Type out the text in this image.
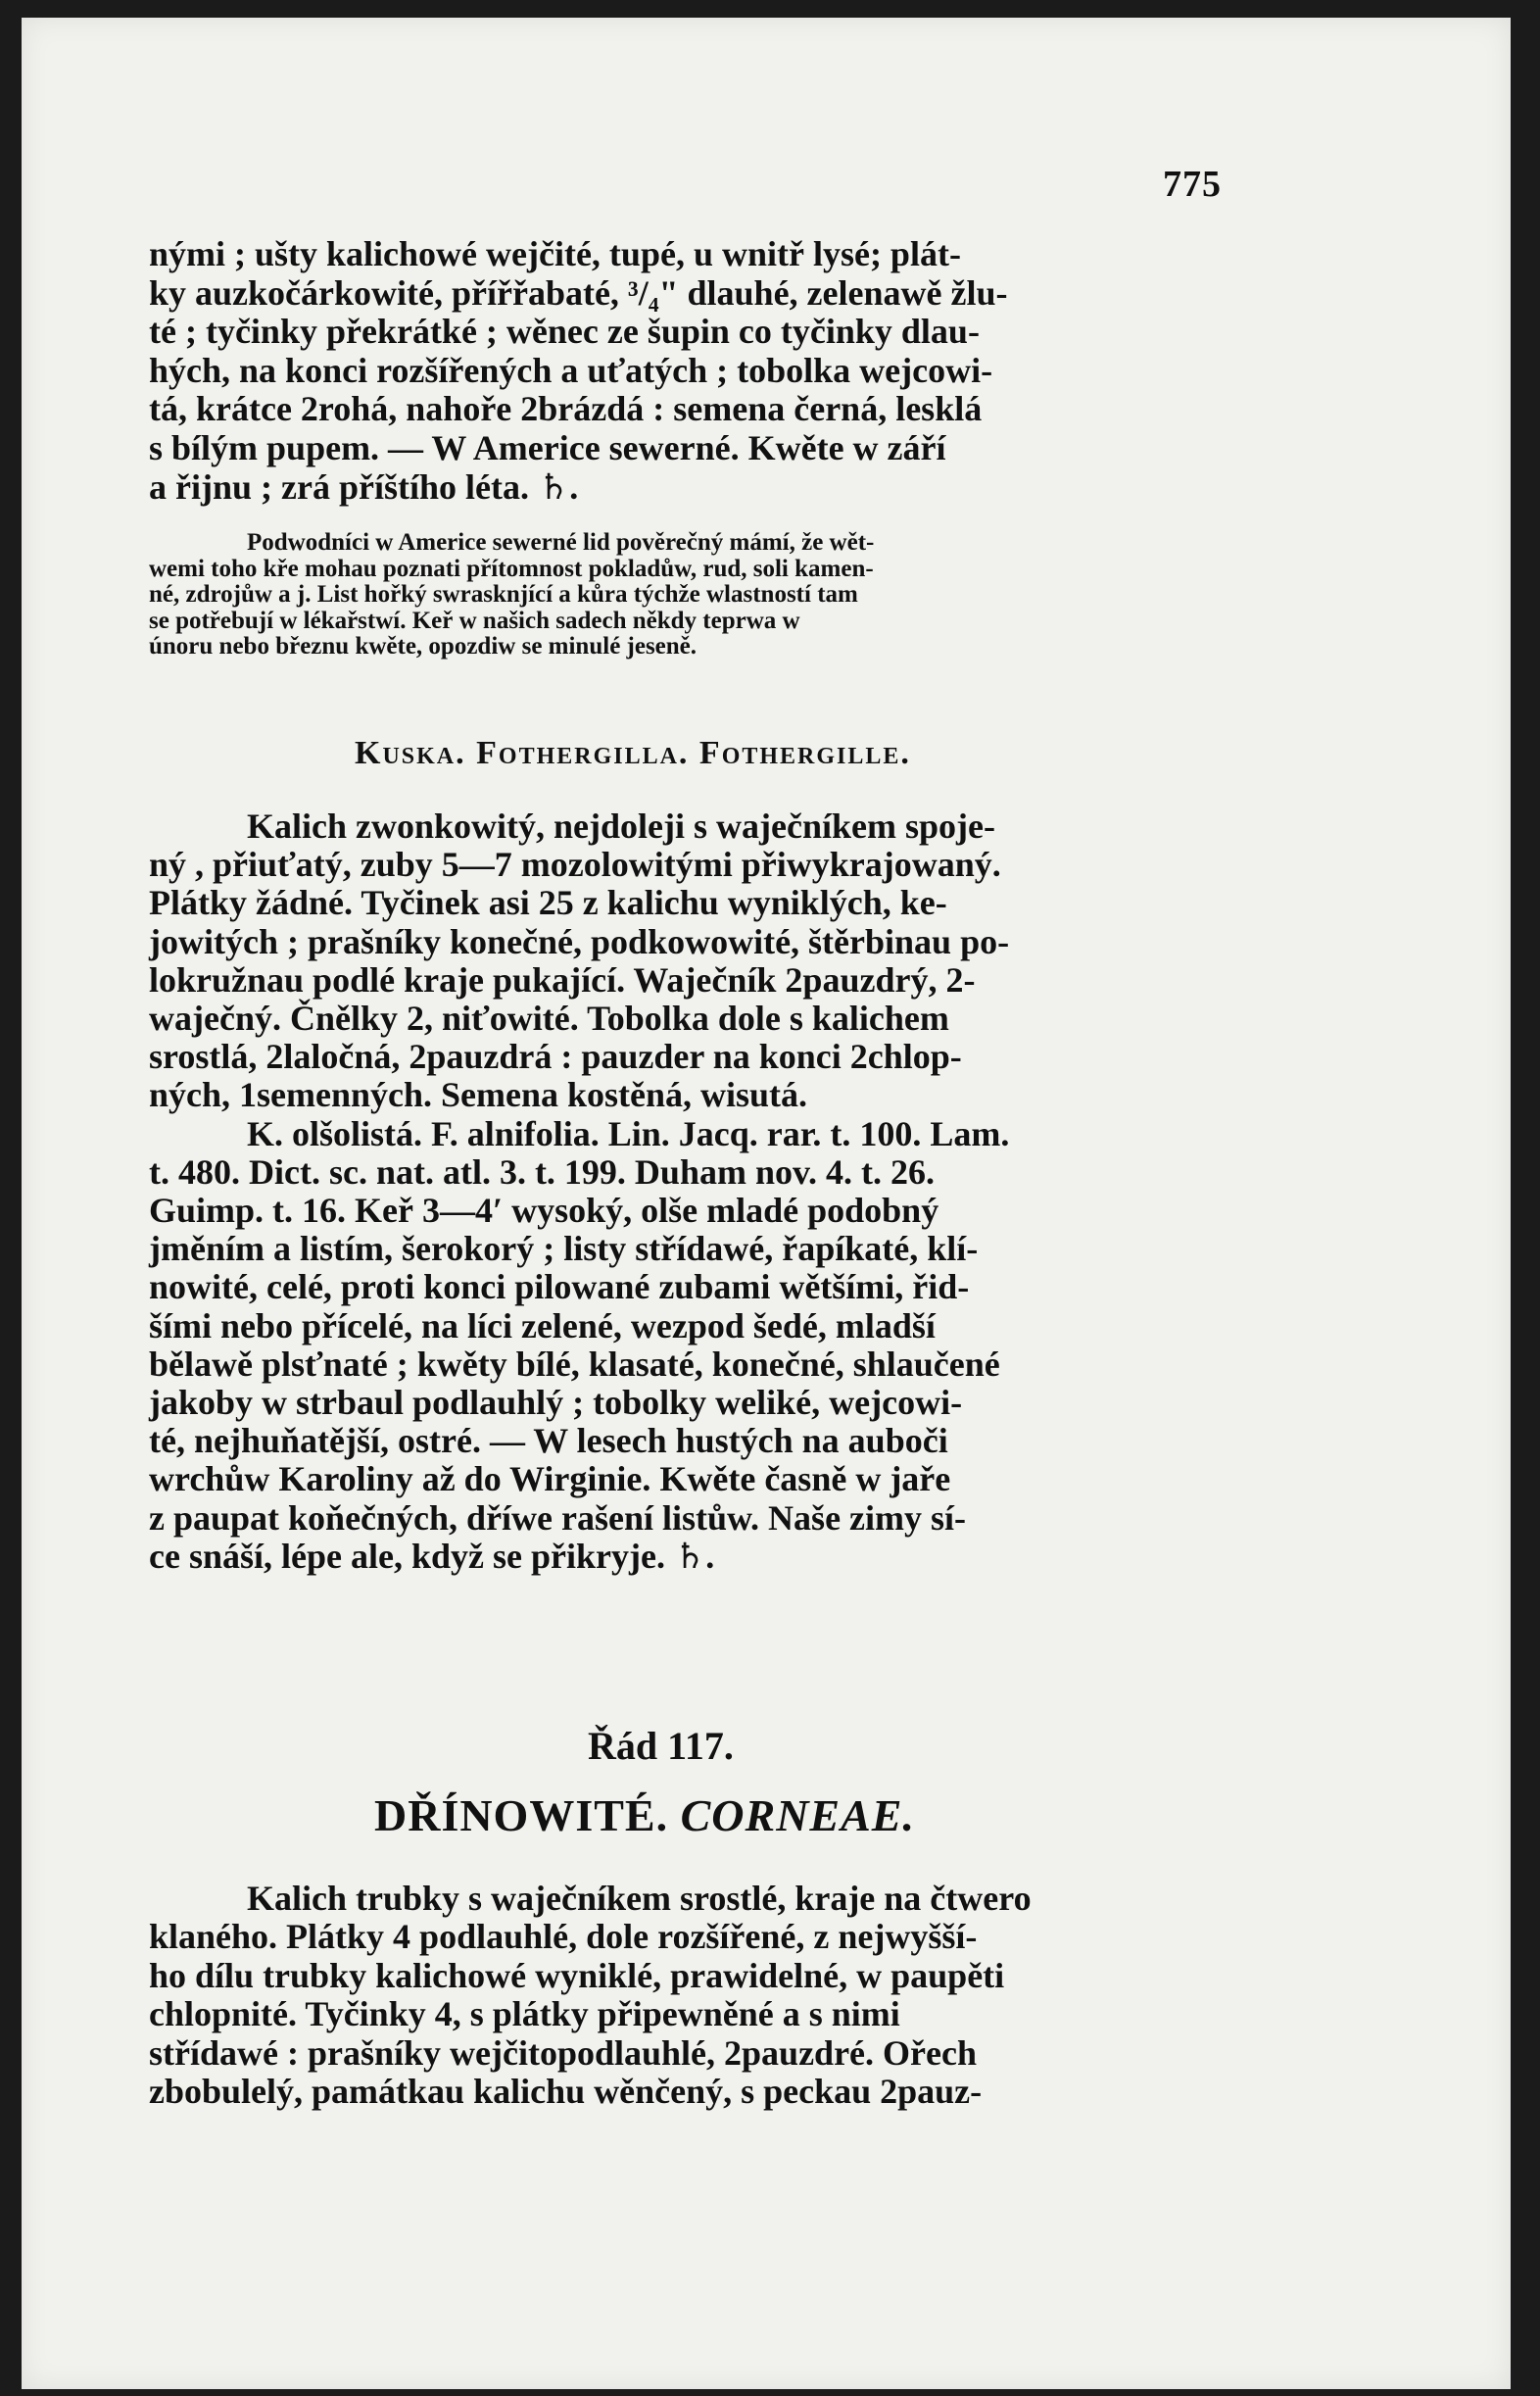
775
nými ; ušty kalichowé wejčité, tupé, u wnitř lysé; plát-
ky auzkočárkowité, přířřabaté, ³/₄" dlauhé, zelenawě žlu-
té ; tyčinky překrátké ; wěnec ze šupin co tyčinky dlau-
hých, na konci rozšířených a uťatých ; tobolka wejcowi-
tá, krátce 2rohá, nahoře 2brázdá : semena černá, lesklá
s bílým pupem. — W Americe sewerné. Kwěte w září
a řijnu ; zrá příštího léta. ♄.
Podwodníci w Americe sewerné lid pověrečný mámí, že wět-
wemi toho kře mohau poznati přítomnost pokladůw, rud, soli kamen-
né, zdrojůw a j. List hořký swrasknjící a kůra týchže wlastností tam
se potřebují w lékařstwí. Keř w našich sadech někdy teprwa w
únoru nebo březnu kwěte, opozdiw se minulé jeseně.
Kuska. Fothergilla. Fothergille.
Kalich zwonkowitý, nejdoleji s waječníkem spoje-
ný , přiuťatý, zuby 5—7 mozolowitými přiwykrajowaný.
Plátky žádné. Tyčinek asi 25 z kalichu wyniklých, ke-
jowitých ; prašníky konečné, podkowowité, štěrbinau po-
lokružnau podlé kraje pukající. Waječník 2pauzdrý, 2-
waječný. Čnělky 2, niťowité. Tobolka dole s kalichem
srostlá, 2laločná, 2pauzdrá : pauzder na konci 2chlop-
ných, 1semenných. Semena kostěná, wisutá.
K. olšolistá. F. alnifolia. Lin. Jacq. rar. t. 100. Lam.
t. 480. Dict. sc. nat. atl. 3. t. 199. Duham nov. 4. t. 26.
Guimp. t. 16. Keř 3—4′ wysoký, olše mladé podobný
jměním a listím, šerokorý ; listy střídawé, řapíkaté, klí-
nowité, celé, proti konci pilowané zubami wětšími, řid-
šími nebo přícelé, na líci zelené, wezpod šedé, mladší
bělawě plsťnaté ; kwěty bílé, klasaté, konečné, shlaučené
jakoby w strbaul podlauhlý ; tobolky weliké, wejcowi-
té, nejhuňatější, ostré. — W lesech hustých na auboči
wrchůw Karoliny až do Wirginie. Kwěte časně w jaře
z paupat koňečných, dříwe rašení listůw. Naše zimy sí-
ce snáší, lépe ale, když se přikryje. ♄.
Řád 117.
DŘÍNOWITÉ. CORNEAE.
Kalich trubky s waječníkem srostlé, kraje na čtwero
klaného. Plátky 4 podlauhlé, dole rozšířené, z nejwyšší-
ho dílu trubky kalichowé wyniklé, prawidelné, w paupěti
chlopnité. Tyčinky 4, s plátky připewněné a s nimi
střídawé : prašníky wejčitopodlauhlé, 2pauzdré. Ořech
zbobulelý, památkau kalichu wěnčený, s peckau 2pauz-
